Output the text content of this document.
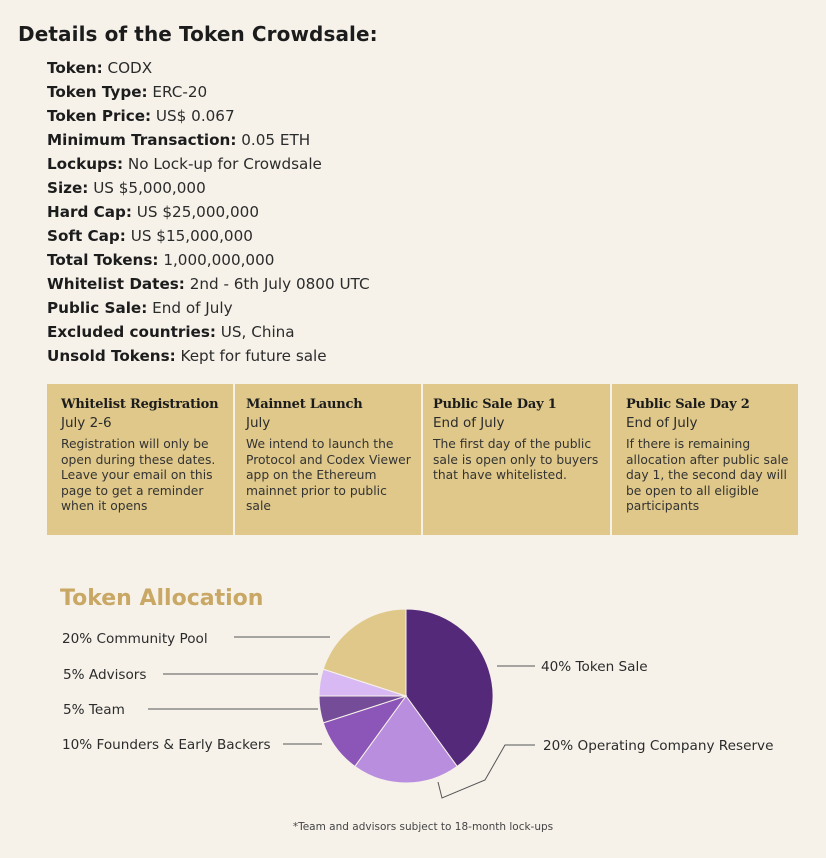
Details of the Token Crowdsale:
Token: CODX
Token Type: ERC-20
Token Price: US$ 0.067
Minimum Transaction: 0.05 ETH
Lockups: No Lock-up for Crowdsale
Size: US $5,000,000
Hard Cap: US $25,000,000
Soft Cap: US $15,000,000
Total Tokens: 1,000,000,000
Whitelist Dates: 2nd - 6th July 0800 UTC
Public Sale: End of July
Excluded countries: US, China
Unsold Tokens: Kept for future sale
Whitelist Registration
July 2-6
Registration will only be open during these dates. Leave your email on this page to get a reminder when it opens
Mainnet Launch
July
We intend to launch the Protocol and Codex Viewer app on the Ethereum mainnet prior to public sale
Public Sale Day 1
End of July
The first day of the public sale is open only to buyers that have whitelisted.
Public Sale Day 2
End of July
If there is remaining allocation after public sale day 1, the second day will be open to all eligible participants
Token Allocation
40% Token Sale
20% Operating Company Reserve
10% Founders & Early Backers
5% Team
5% Advisors
20% Community Pool
*Team and advisors subject to 18-month lock-ups
